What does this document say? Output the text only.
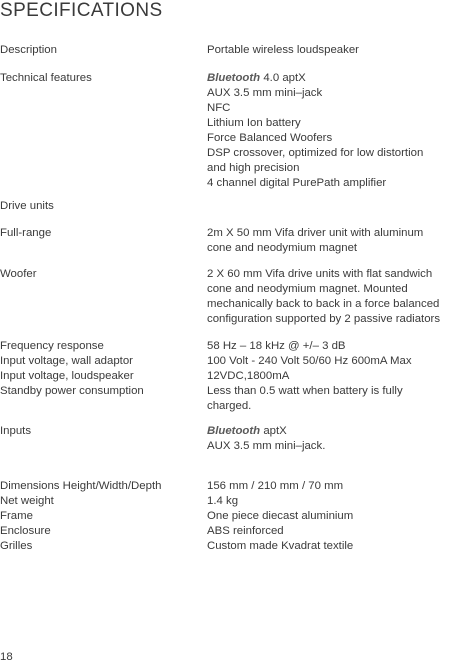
SPECIFICATIONS
Description	Portable wireless loudspeaker
Technical features	Bluetooth 4.0 aptX
AUX 3.5 mm mini–jack
NFC
Lithium Ion battery
Force Balanced Woofers
DSP crossover, optimized for low distortion
and high precision
4 channel digital PurePath amplifier
Drive units
Full-range	2m X 50 mm Vifa driver unit with aluminum
cone and neodymium magnet
Woofer	2 X 60 mm Vifa drive units with flat sandwich
cone and neodymium magnet. Mounted
mechanically back to back in a force balanced
configuration supported by 2 passive radiators
Frequency response	58 Hz – 18 kHz @ +/– 3 dB
Input voltage, wall adaptor	100 Volt - 240 Volt 50/60 Hz 600mA Max
Input voltage, loudspeaker	12VDC,1800mA
Standby power consumption	Less than 0.5 watt when battery is fully
charged.
Inputs	Bluetooth aptX
AUX 3.5 mm mini–jack.
Dimensions Height/Width/Depth	156 mm / 210 mm / 70 mm
Net weight	1.4 kg
Frame	One piece diecast aluminium
Enclosure	ABS reinforced
Grilles	Custom made Kvadrat textile
18
